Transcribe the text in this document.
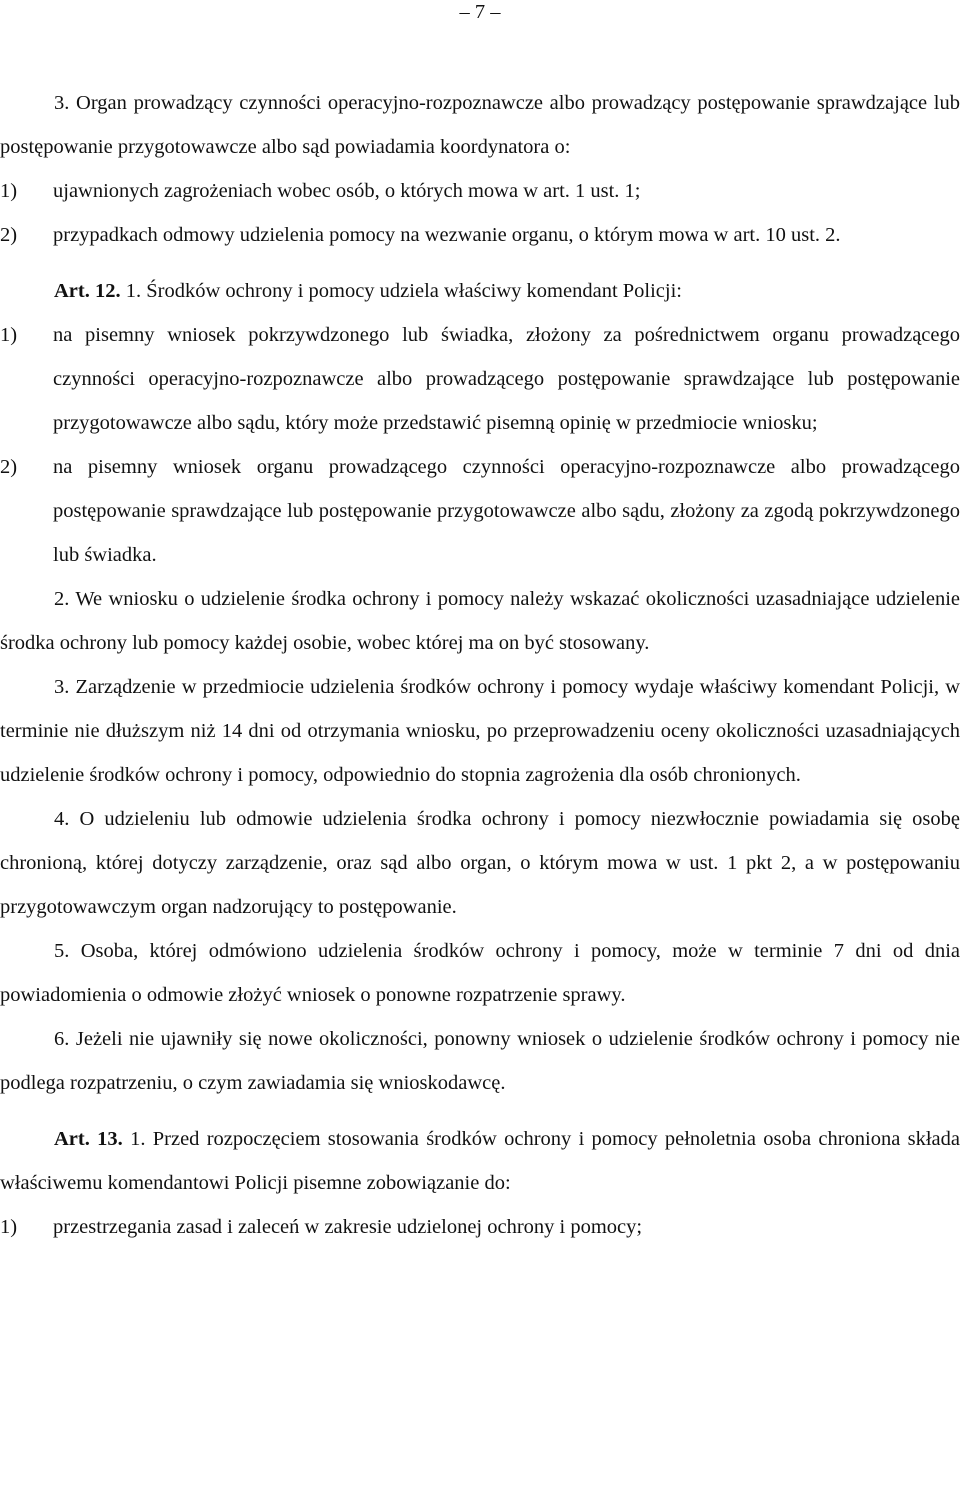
– 7 –

3. Organ prowadzący czynności operacyjno-rozpoznawcze albo prowadzący postępowanie sprawdzające lub postępowanie przygotowawcze albo sąd powiadamia koordynatora o:

1)	ujawnionych zagrożeniach wobec osób, o których mowa w art. 1 ust. 1;
2)	przypadkach odmowy udzielenia pomocy na wezwanie organu, o którym mowa w art. 10 ust. 2.

Art. 12. 1. Środków ochrony i pomocy udziela właściwy komendant Policji:

1)	na pisemny wniosek pokrzywdzonego lub świadka, złożony za pośrednictwem organu prowadzącego czynności operacyjno-rozpoznawcze albo prowadzącego postępowanie sprawdzające lub postępowanie przygotowawcze albo sądu, który może przedstawić pisemną opinię w przedmiocie wniosku;
2)	na pisemny wniosek organu prowadzącego czynności operacyjno-rozpoznawcze albo prowadzącego postępowanie sprawdzające lub postępowanie przygotowawcze albo sądu, złożony za zgodą pokrzywdzonego lub świadka.

2. We wniosku o udzielenie środka ochrony i pomocy należy wskazać okoliczności uzasadniające udzielenie środka ochrony lub pomocy każdej osobie, wobec której ma on być stosowany.

3. Zarządzenie w przedmiocie udzielenia środków ochrony i pomocy wydaje właściwy komendant Policji, w terminie nie dłuższym niż 14 dni od otrzymania wniosku, po przeprowadzeniu oceny okoliczności uzasadniających udzielenie środków ochrony i pomocy, odpowiednio do stopnia zagrożenia dla osób chronionych.

4. O udzieleniu lub odmowie udzielenia środka ochrony i pomocy niezwłocznie powiadamia się osobę chronioną, której dotyczy zarządzenie, oraz sąd albo organ, o którym mowa w ust. 1 pkt 2, a w postępowaniu przygotowawczym organ nadzorujący to postępowanie.

5. Osoba, której odmówiono udzielenia środków ochrony i pomocy, może w terminie 7 dni od dnia powiadomienia o odmowie złożyć wniosek o ponowne rozpatrzenie sprawy.

6. Jeżeli nie ujawniły się nowe okoliczności, ponowny wniosek o udzielenie środków ochrony i pomocy nie podlega rozpatrzeniu, o czym zawiadamia się wnioskodawcę.

Art. 13. 1. Przed rozpoczęciem stosowania środków ochrony i pomocy pełnoletnia osoba chroniona składa właściwemu komendantowi Policji pisemne zobowiązanie do:

1)	przestrzegania zasad i zaleceń w zakresie udzielonej ochrony i pomocy;
